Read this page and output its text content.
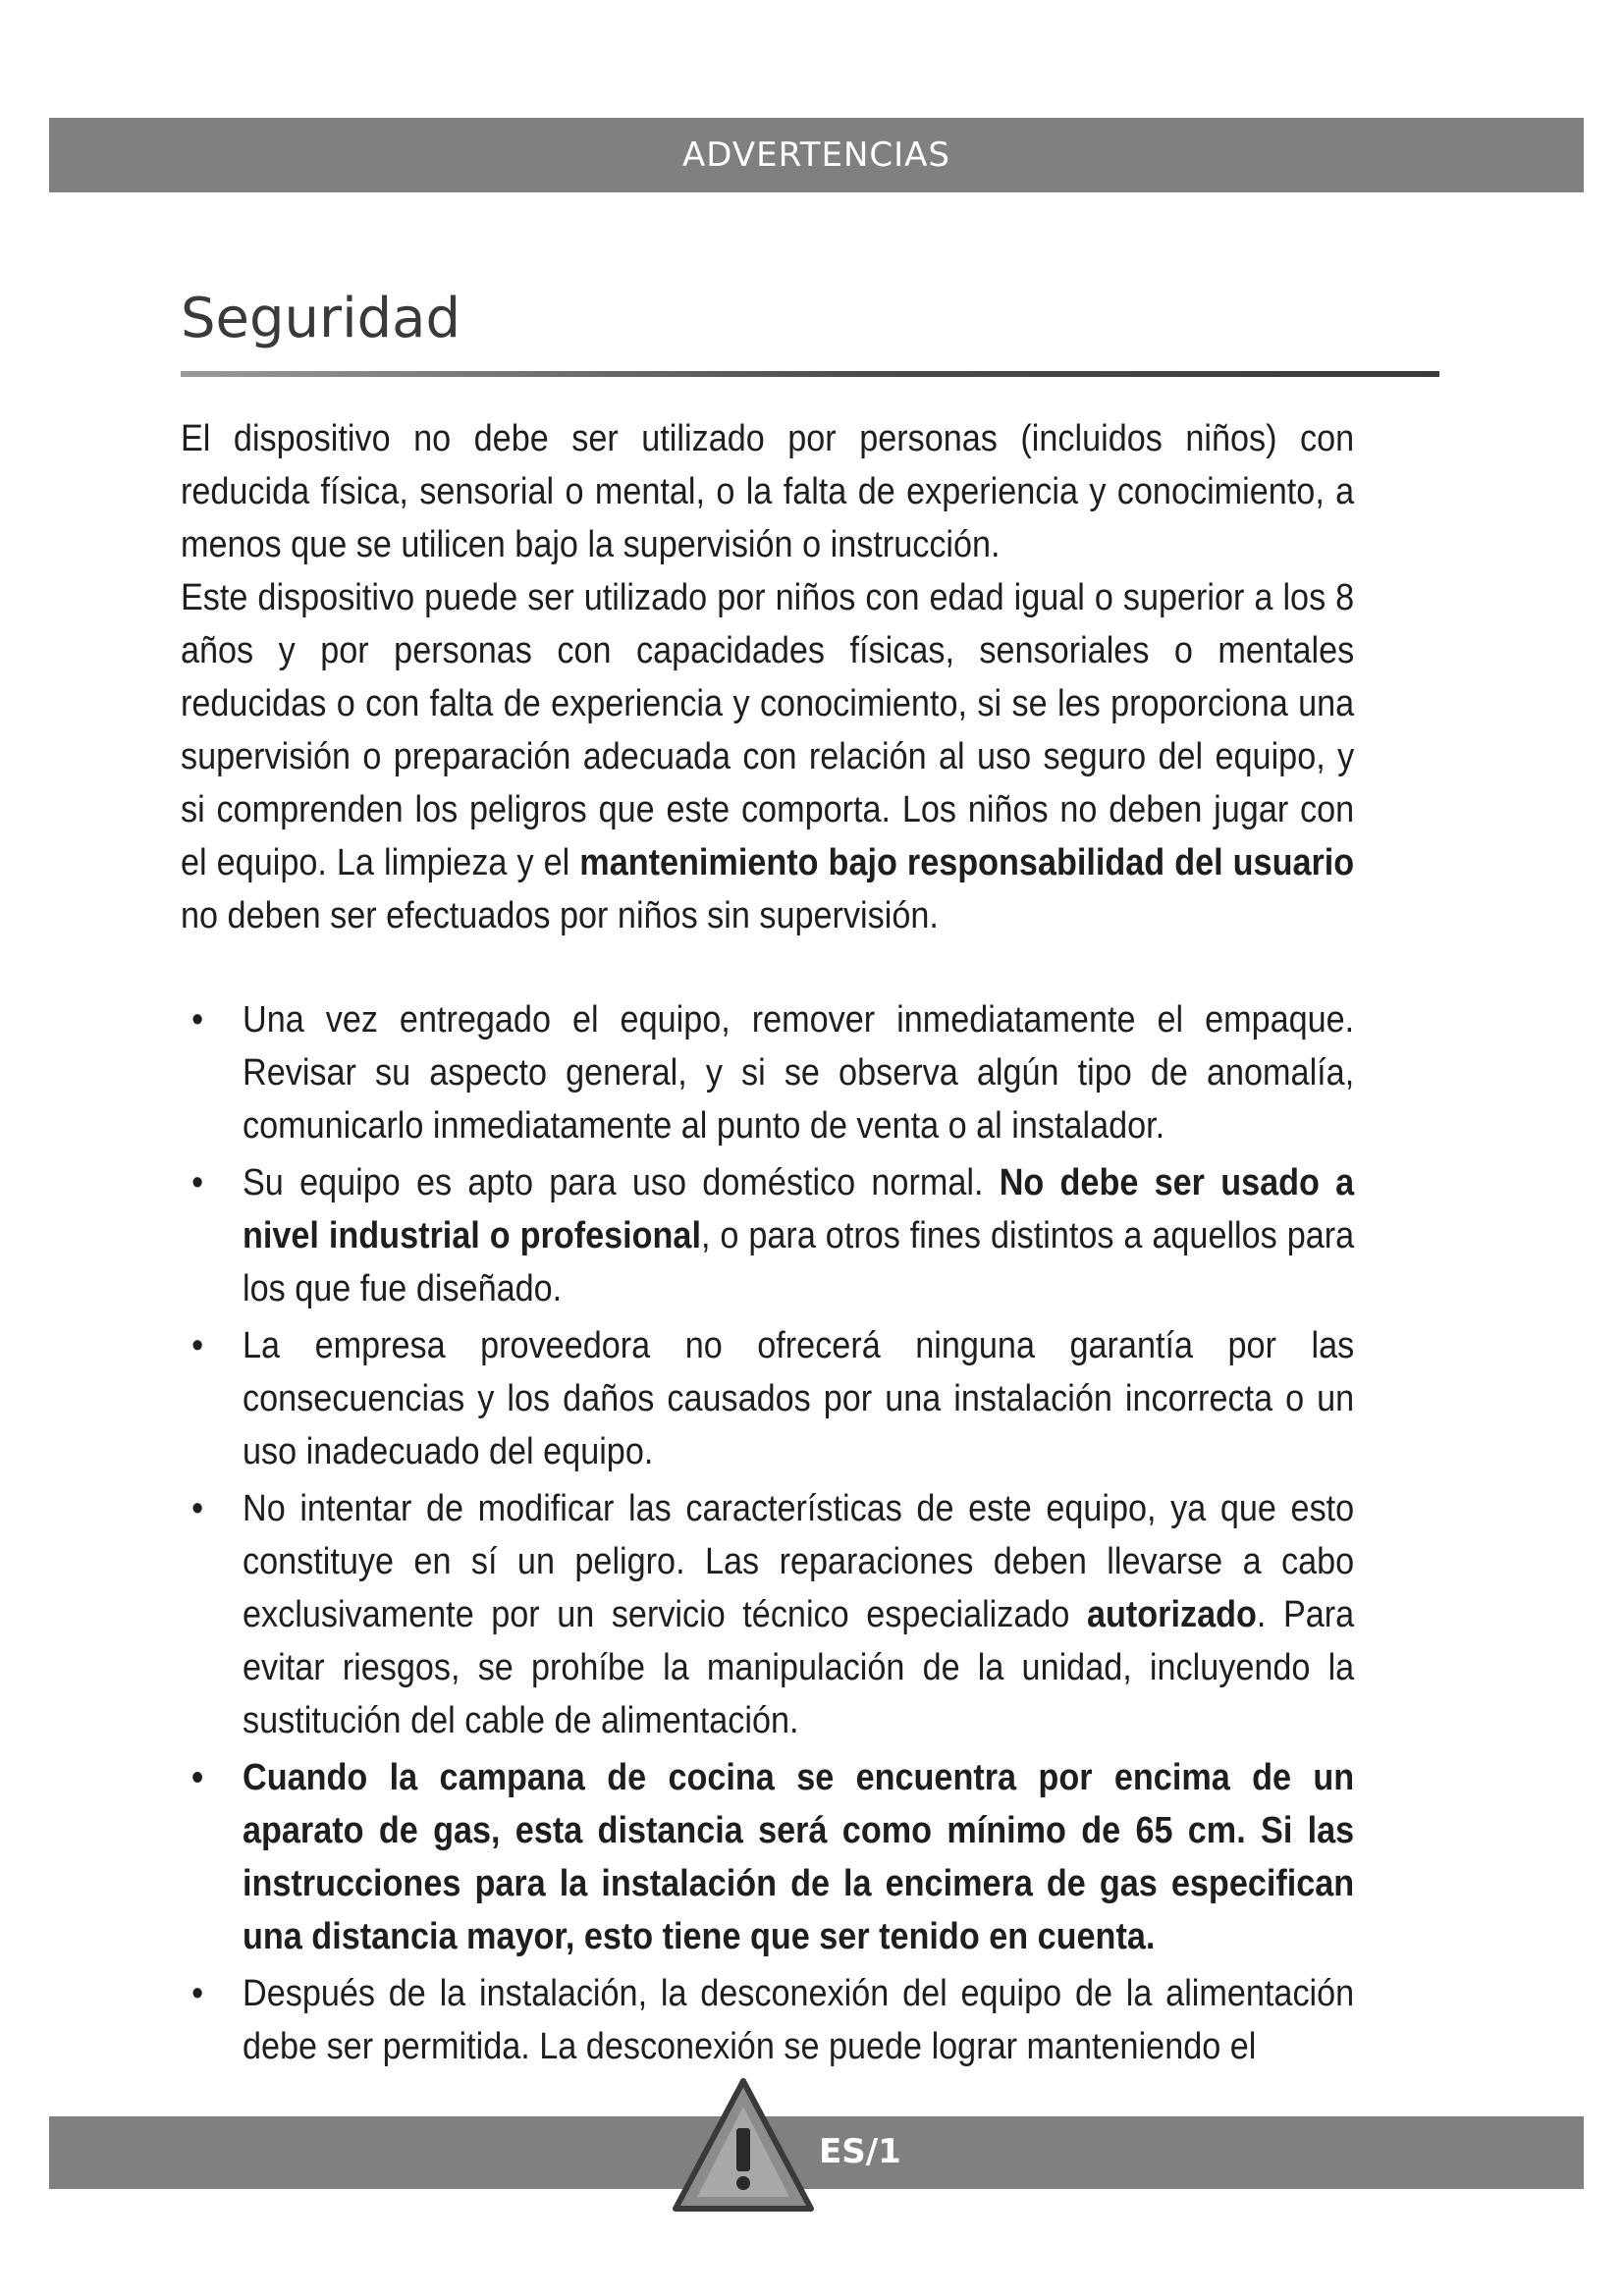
ADVERTENCIAS
Seguridad

El dispositivo no debe ser utilizado por personas (incluidos niños) con reducida física, sensorial o mental, o la falta de experiencia y conocimiento, a menos que se utilicen bajo la supervisión o instrucción.

Este dispositivo puede ser utilizado por niños con edad igual o superior a los 8 años y por personas con capacidades físicas, sensoriales o mentales reducidas o con falta de experiencia y conocimiento, si se les proporciona una supervisión o preparación adecuada con relación al uso seguro del equipo, y si comprenden los peligros que este comporta. Los niños no deben jugar con el equipo. La limpieza y el mantenimiento bajo responsabilidad del usuario no deben ser efectuados por niños sin supervisión.

• Una vez entregado el equipo, remover inmediatamente el empaque. Revisar su aspecto general, y si se observa algún tipo de anomalía, comunicarlo inmediatamente al punto de venta o al instalador.
• Su equipo es apto para uso doméstico normal. No debe ser usado a nivel industrial o profesional, o para otros fines distintos a aquellos para los que fue diseñado.
• La empresa proveedora no ofrecerá ninguna garantía por las consecuencias y los daños causados por una instalación incorrecta o un uso inadecuado del equipo.
• No intentar de modificar las características de este equipo, ya que esto constituye en sí un peligro. Las reparaciones deben llevarse a cabo exclusivamente por un servicio técnico especializado autorizado. Para evitar riesgos, se prohíbe la manipulación de la unidad, incluyendo la sustitución del cable de alimentación.
• Cuando la campana de cocina se encuentra por encima de un aparato de gas, esta distancia será como mínimo de 65 cm. Si las instrucciones para la instalación de la encimera de gas especifican una distancia mayor, esto tiene que ser tenido en cuenta.
• Después de la instalación, la desconexión del equipo de la alimentación debe ser permitida. La desconexión se puede lograr manteniendo el
ES/1
